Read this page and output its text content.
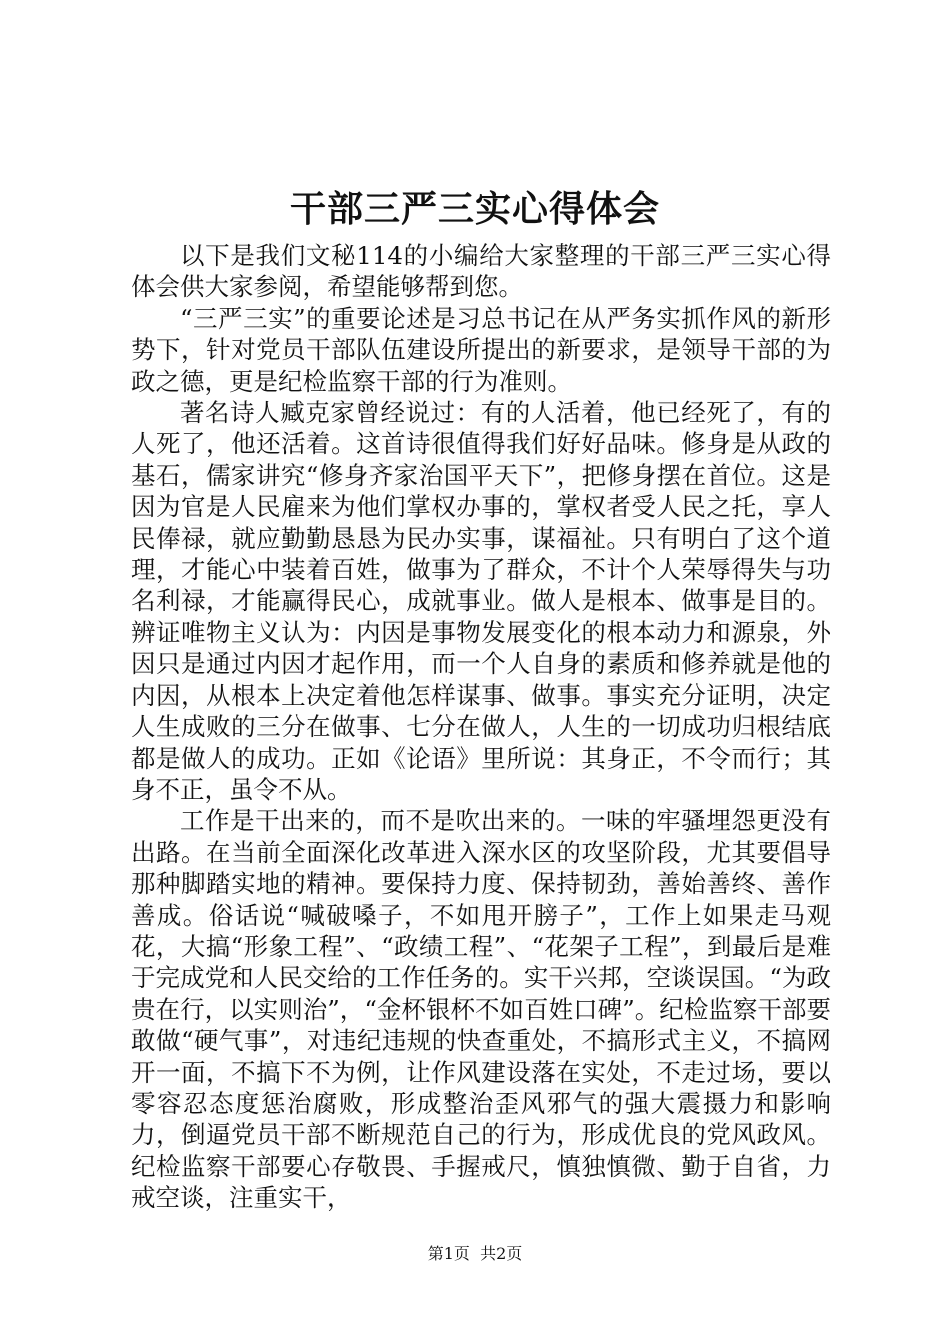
干部三严三实心得体会

以下是我们文秘114的小编给大家整理的干部三严三实心得体会供大家参阅，希望能够帮到您。

“三严三实”的重要论述是习总书记在从严务实抓作风的新形势下，针对党员干部队伍建设所提出的新要求，是领导干部的为政之德，更是纪检监察干部的行为准则。

著名诗人臧克家曾经说过：有的人活着，他已经死了，有的人死了，他还活着。这首诗很值得我们好好品味。修身是从政的基石，儒家讲究“修身齐家治国平天下”，把修身摆在首位。这是因为官是人民雇来为他们掌权办事的，掌权者受人民之托，享人民俸禄，就应勤勤恳恳为民办实事，谋福祉。只有明白了这个道理，才能心中装着百姓，做事为了群众，不计个人荣辱得失与功名利禄，才能赢得民心，成就事业。做人是根本、做事是目的。辨证唯物主义认为：内因是事物发展变化的根本动力和源泉，外因只是通过内因才起作用，而一个人自身的素质和修养就是他的内因，从根本上决定着他怎样谋事、做事。事实充分证明，决定人生成败的三分在做事、七分在做人，人生的一切成功归根结底都是做人的成功。正如《论语》里所说：其身正，不令而行；其身不正，虽令不从。

工作是干出来的，而不是吹出来的。一味的牢骚埋怨更没有出路。在当前全面深化改革进入深水区的攻坚阶段，尤其要倡导那种脚踏实地的精神。要保持力度、保持韧劲，善始善终、善作善成。俗话说“喊破嗓子，不如甩开膀子”，工作上如果走马观花，大搞“形象工程”、“政绩工程”、“花架子工程”，到最后是难于完成党和人民交给的工作任务的。实干兴邦，空谈误国。“为政贵在行，以实则治”，“金杯银杯不如百姓口碑”。纪检监察干部要敢做“硬气事”，对违纪违规的快查重处，不搞形式主义，不搞网开一面，不搞下不为例，让作风建设落在实处，不走过场，要以零容忍态度惩治腐败，形成整治歪风邪气的强大震摄力和影响力，倒逼党员干部不断规范自己的行为，形成优良的党风政风。纪检监察干部要心存敬畏、手握戒尺，慎独慎微、勤于自省，力戒空谈，注重实干，

第1页 共2页
